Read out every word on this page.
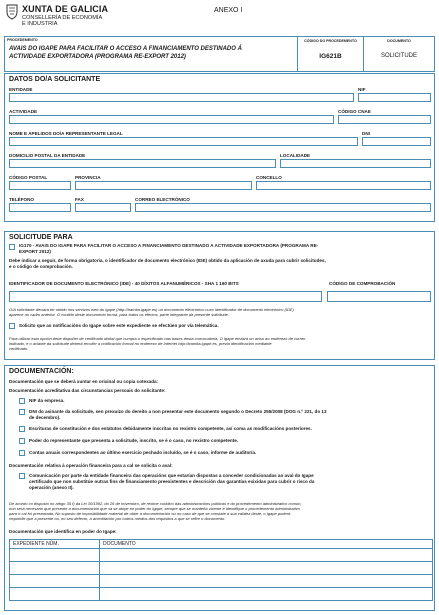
XUNTA DE GALICIA
CONSELLERÍA DE ECONOMÍA
E INDUSTRIA
ANEXO I
PROCEDEMENTO
AVAIS DO IGAPE PARA FACILITAR O ACCESO A FINANCIAMENTO DESTINADO Á ACTIVIDADE EXPORTADORA (PROGRAMA RE-EXPORT 2012)
CÓDIGO DO PROCEDEMENTO
IG621B
DOCUMENTO
SOLICITUDE
DATOS DO/A SOLICITANTE
ENTIDADE	NIF
ACTIVIDADE	CÓDIGO CNAE
NOME E APELIDOS DO/A REPRESENTANTE LEGAL	DNI
DOMICILIO POSTAL DA ENTIDADE	LOCALIDADE
CÓDIGO POSTAL	PROVINCIA	CONCELLO
TELÉFONO	FAX	CORREO ELECTRÓNICO
SOLICITUDE PARA
IG170 - AVAIS DO IGAPE PARA FACILITAR O ACCESO A FINANCIAMENTO DESTINADO A ACTIVIDADE EXPORTADORA (PROGRAMA RE-
EXPORT 2012)
Debe indicar a seguir, de forma obrigatoria, o identificador de documento electrónico (IDE) obtido da aplicación de axuda para cubrir solicitudes,
e o código de comprobación.
IDENTIFICADOR DE DOCUMENTO ELECTRÓNICO (IDE) - 40 DÍXITOS ALFANUMÉRICOS - SHA 1 160 BITS	CÓDIGO DE COMPROBACIÓN
O/A solicitante declara ter obtido nos servizos web do Igape (http://tramita.igape.es) un documento electrónico cuxo identificador de documento electrónico (IDE)
aparece no cadro anterior. O contido deste documento forma, para todos os efectos, parte integrante da presente solicitude.
Solicito que as notificacións do Igape sobre este expediente se efectúen por vía telemática.
Para utilizar esta opción debe dispoñer de certificado dixital que cumpra o especificado nas bases desta convocatoria. O Igape enviará un aviso ao enderezo de correo
indicado, e o aviante da solicitude deberá recoller a notificación formal no enderezo de Internet http://tramita.igape.es, previa identificación mediante
certificado.
DOCUMENTACIÓN:
Documentación que se deberá xuntar en orixinal ou copia cotexada:
Documentación acreditativa das circunstancias persoais do solicitante:
NIF da empresa.
DNI do asinante da solicitude, sen prexuízo do dereito a non presentar este documento segundo o Decreto 255/2008 (DOG n.º 221, do 13
de decembro).
Escrituras de constitución e dos estatutos debidamente inscritas no rexistro competente, así coma as modificacións posteriores.
Poder do representante que presenta a solicitude, inscrito, se é o caso, no rexistro competente.
Contas anuais correspondentes ao último exercicio pechado incluído, se é o caso, informe de auditoría.
Documentación relativa á operación financeira para a cal se solicita o aval:
Comunicación por parte da entidade financeira das operacións que estarían dispostas a conceder condicionadas ao aval do Igape
certificado que non substitúe outras fins de financiamento preexistentes e descrición das garantías exixidas para cubrir o risco da
operación (anexo II).
De acordo co disposto no artigo 35 f) da Lei 30/1992, do 26 de novembro, de réxime xurídico das administracións públicas e do procedemento administrativo común,
non será necesario que presente a documentación que xa se atope en poder do Igape, sempre que se manteña vixente e identifique o procedemento administrativo
para o cal foi presentada. No suposto de imposibilidade material de obter a documentación ou no caso de que se constate a súa validez deste, o Igape poderá
requirirlle que a presente ou, no seu defecto, a acreditación por outros medios dos requisitos a que se refire o documento.
Documentación que identifica en poder do Igape:
EXPEDIENTE NÚM.	DOCUMENTO
